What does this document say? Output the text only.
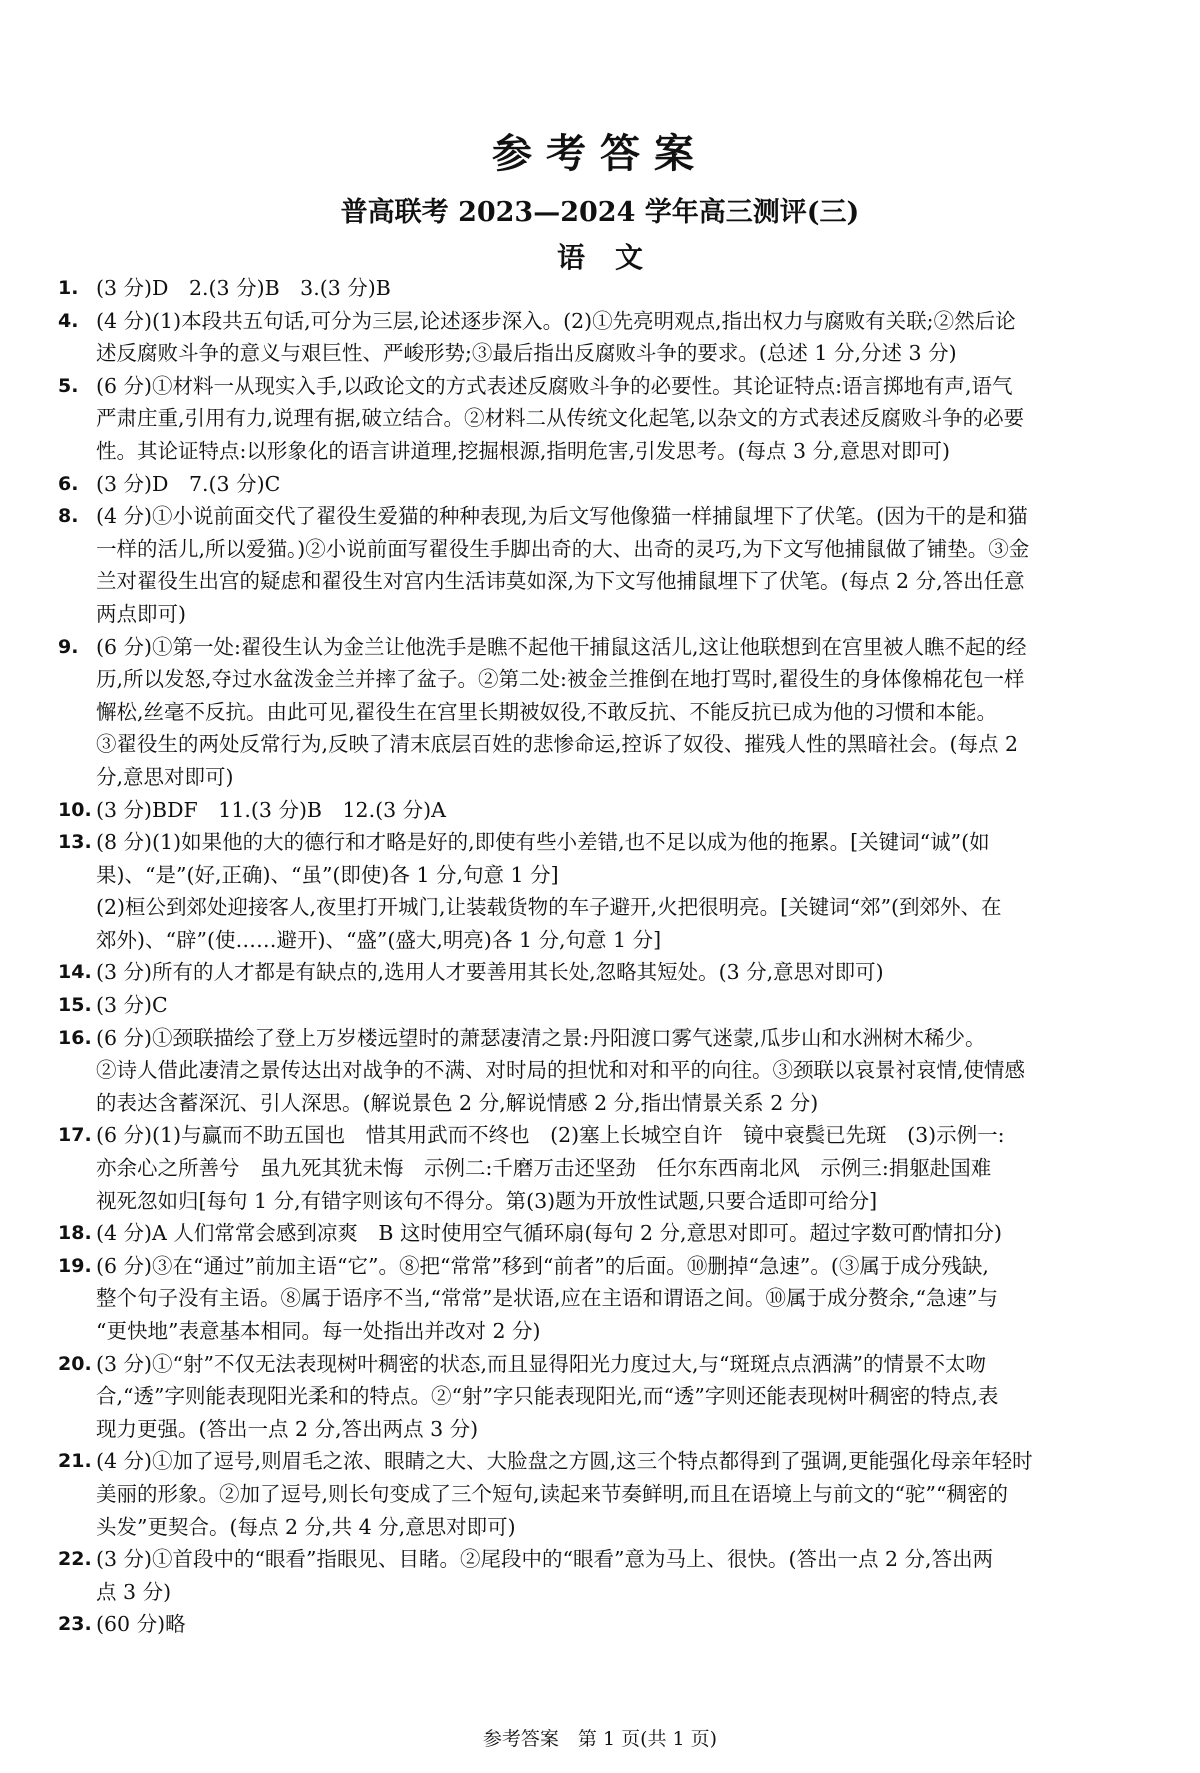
参考答案
普高联考 2023—2024 学年高三测评(三)
语文
1. (3 分)D　2.(3 分)B　3.(3 分)B
4. (4 分)(1)本段共五句话,可分为三层,论述逐步深入。(2)①先亮明观点,指出权力与腐败有关联;②然后论
述反腐败斗争的意义与艰巨性、严峻形势;③最后指出反腐败斗争的要求。(总述 1 分,分述 3 分)
5. (6 分)①材料一从现实入手,以政论文的方式表述反腐败斗争的必要性。其论证特点:语言掷地有声,语气
严肃庄重,引用有力,说理有据,破立结合。②材料二从传统文化起笔,以杂文的方式表述反腐败斗争的必要
性。其论证特点:以形象化的语言讲道理,挖掘根源,指明危害,引发思考。(每点 3 分,意思对即可)
6. (3 分)D　7.(3 分)C
8. (4 分)①小说前面交代了翟役生爱猫的种种表现,为后文写他像猫一样捕鼠埋下了伏笔。(因为干的是和猫
一样的活儿,所以爱猫。)②小说前面写翟役生手脚出奇的大、出奇的灵巧,为下文写他捕鼠做了铺垫。③金
兰对翟役生出宫的疑虑和翟役生对宫内生活讳莫如深,为下文写他捕鼠埋下了伏笔。(每点 2 分,答出任意
两点即可)
9. (6 分)①第一处:翟役生认为金兰让他洗手是瞧不起他干捕鼠这活儿,这让他联想到在宫里被人瞧不起的经
历,所以发怒,夺过水盆泼金兰并摔了盆子。②第二处:被金兰推倒在地打骂时,翟役生的身体像棉花包一样
懈松,丝毫不反抗。由此可见,翟役生在宫里长期被奴役,不敢反抗、不能反抗已成为他的习惯和本能。
③翟役生的两处反常行为,反映了清末底层百姓的悲惨命运,控诉了奴役、摧残人性的黑暗社会。(每点 2
分,意思对即可)
10. (3 分)BDF　11.(3 分)B　12.(3 分)A
13. (8 分)(1)如果他的大的德行和才略是好的,即使有些小差错,也不足以成为他的拖累。[关键词“诚”(如
果)、“是”(好,正确)、“虽”(即使)各 1 分,句意 1 分]
(2)桓公到郊处迎接客人,夜里打开城门,让装载货物的车子避开,火把很明亮。[关键词“郊”(到郊外、在
郊外)、“辟”(使……避开)、“盛”(盛大,明亮)各 1 分,句意 1 分]
14. (3 分)所有的人才都是有缺点的,选用人才要善用其长处,忽略其短处。(3 分,意思对即可)
15. (3 分)C
16. (6 分)①颈联描绘了登上万岁楼远望时的萧瑟凄清之景:丹阳渡口雾气迷蒙,瓜步山和水洲树木稀少。
②诗人借此凄清之景传达出对战争的不满、对时局的担忧和对和平的向往。③颈联以哀景衬哀情,使情感
的表达含蓄深沉、引人深思。(解说景色 2 分,解说情感 2 分,指出情景关系 2 分)
17. (6 分)(1)与赢而不助五国也　惜其用武而不终也　(2)塞上长城空自许　镜中衰鬓已先斑　(3)示例一:
亦余心之所善兮　虽九死其犹未悔　示例二:千磨万击还坚劲　任尔东西南北风　示例三:捐躯赴国难
视死忽如归[每句 1 分,有错字则该句不得分。第(3)题为开放性试题,只要合适即可给分]
18. (4 分)A 人们常常会感到凉爽　B 这时使用空气循环扇(每句 2 分,意思对即可。超过字数可酌情扣分)
19. (6 分)③在“通过”前加主语“它”。⑧把“常常”移到“前者”的后面。⑩删掉“急速”。(③属于成分残缺,
整个句子没有主语。⑧属于语序不当,“常常”是状语,应在主语和谓语之间。⑩属于成分赘余,“急速”与
“更快地”表意基本相同。每一处指出并改对 2 分)
20. (3 分)①“射”不仅无法表现树叶稠密的状态,而且显得阳光力度过大,与“斑斑点点洒满”的情景不太吻
合,“透”字则能表现阳光柔和的特点。②“射”字只能表现阳光,而“透”字则还能表现树叶稠密的特点,表
现力更强。(答出一点 2 分,答出两点 3 分)
21. (4 分)①加了逗号,则眉毛之浓、眼睛之大、大脸盘之方圆,这三个特点都得到了强调,更能强化母亲年轻时
美丽的形象。②加了逗号,则长句变成了三个短句,读起来节奏鲜明,而且在语境上与前文的“驼”“稠密的
头发”更契合。(每点 2 分,共 4 分,意思对即可)
22. (3 分)①首段中的“眼看”指眼见、目睹。②尾段中的“眼看”意为马上、很快。(答出一点 2 分,答出两
点 3 分)
23. (60 分)略
参考答案　第 1 页(共 1 页)
